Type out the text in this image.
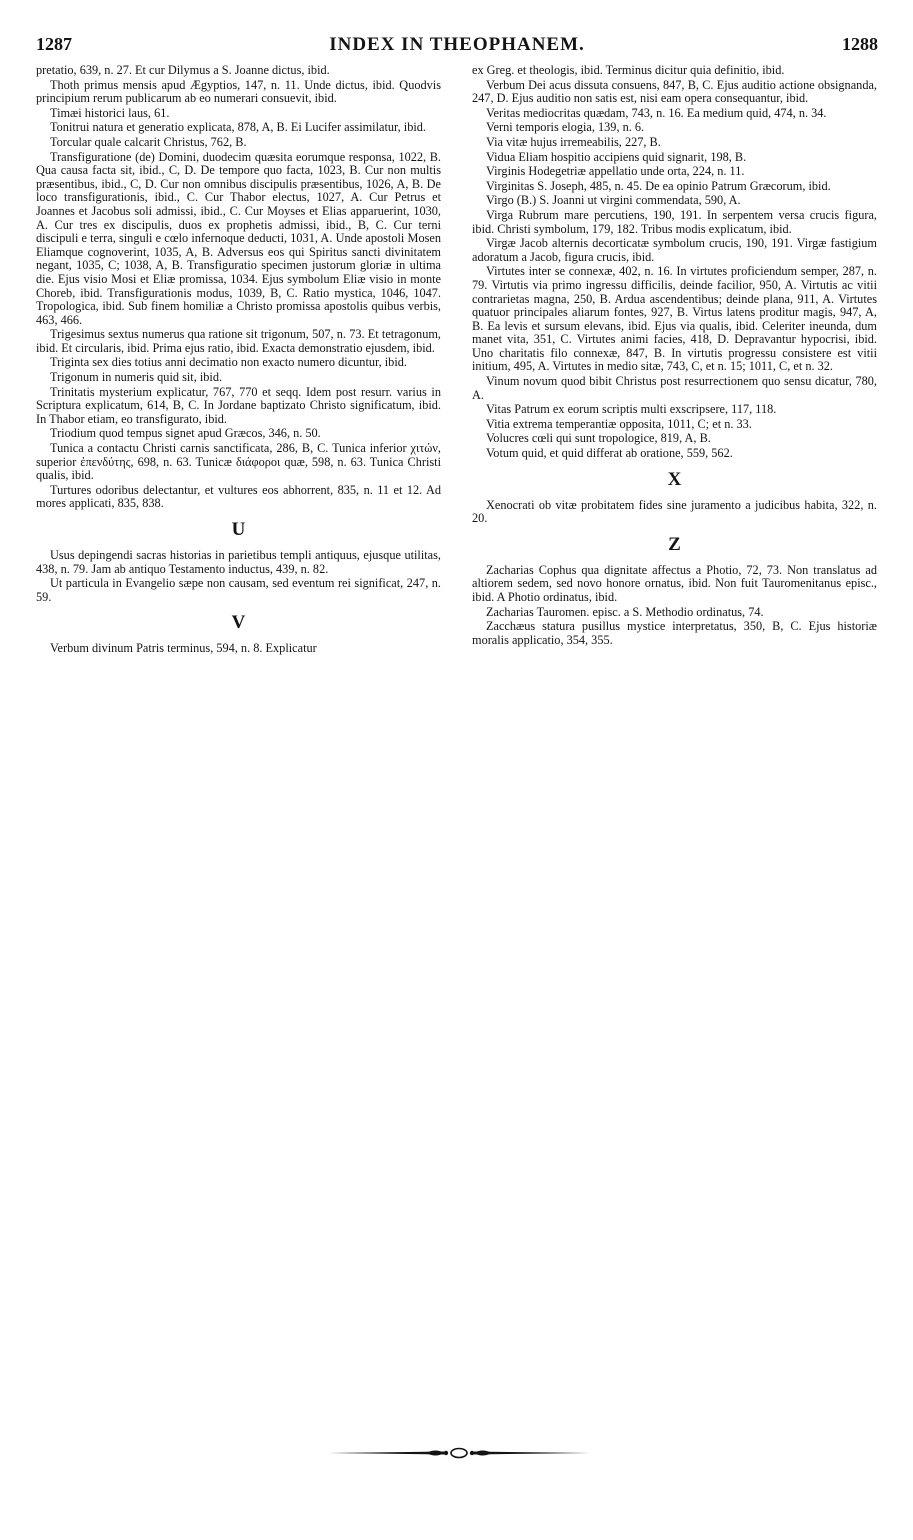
1287	INDEX IN THEOPHANEM.	1288

pretatio, 639, n. 27. Et cur Dilymus a S. Joanne dictus, ibid.

Thoth primus mensis apud Ægyptios, 147, n. 11. Unde dictus, ibid. Quodvis principium rerum publicarum ab eo numerari consuevit, ibid.

Timæi historici laus, 61.

Tonitrui natura et generatio explicata, 878, A, B. Ei Lucifer assimilatur, ibid.

Torcular quale calcarit Christus, 762, B.

Transfiguratione (de) Domini, duodecim quæsita eorumque responsa, 1022, B. Qua causa facta sit, ibid., C, D. De tempore quo facta, 1023, B. Cur non multis præsentibus, ibid., C, D. Cur non omnibus discipulis præsentibus, 1026, A, B. De loco transfigurationis, ibid., C. Cur Thabor electus, 1027, A. Cur Petrus et Joannes et Jacobus soli admissi, ibid., C. Cur Moyses et Elias apparuerint, 1030, A. Cur tres ex discipulis, duos ex prophetis admissi, ibid., B, C. Cur terni discipuli e terra, singuli e cœlo infernoque deducti, 1031, A. Unde apostoli Mosen Eliamque cognoverint, 1035, A, B. Adversus eos qui Spiritus sancti divinitatem negant, 1035, C; 1038, A, B. Transfiguratio specimen justorum gloriæ in ultima die. Ejus visio Mosi et Eliæ promissa, 1034. Ejus symbolum Eliæ visio in monte Choreb, ibid. Transfigurationis modus, 1039, B, C. Ratio mystica, 1046, 1047. Tropologica, ibid. Sub finem homiliæ a Christo promissa apostolis quibus verbis, 463, 466.

Trigesimus sextus numerus qua ratione sit trigonum, 507, n. 73. Et tetragonum, ibid. Et circularis, ibid. Prima ejus ratio, ibid. Exacta demonstratio ejusdem, ibid.

Triginta sex dies totius anni decimatio non exacto numero dicuntur, ibid.

Trigonum in numeris quid sit, ibid.

Trinitatis mysterium explicatur, 767, 770 et seqq. Idem post resurr. varius in Scriptura explicatum, 614, B, C. In Jordane baptizato Christo significatum, ibid. In Thabor etiam, eo transfigurato, ibid.

Triodium quod tempus signet apud Græcos, 346, n. 50.

Tunica a contactu Christi carnis sanctificata, 286, B, C. Tunica inferior χιτών, superior ἐπενδύτης, 698, n. 63. Tunicæ διάφοροι quæ, 598, n. 63. Tunica Christi qualis, ibid.

Turtures odoribus delectantur, et vultures eos abhorrent, 835, n. 11 et 12. Ad mores applicati, 835, 838.

U

Usus depingendi sacras historias in parietibus templi antiquus, ejusque utilitas, 438, n. 79. Jam ab antiquo Testamento inductus, 439, n. 82.

Ut particula in Evangelio sæpe non causam, sed eventum rei significat, 247, n. 59.

V

Verbum divinum Patris terminus, 594, n. 8. Explicatur

ex Greg. et theologis, ibid. Terminus dicitur quia definitio, ibid.

Verbum Dei acus dissuta consuens, 847, B, C. Ejus auditio actione obsignanda, 247, D. Ejus auditio non satis est, nisi eam opera consequantur, ibid.

Veritas mediocritas quædam, 743, n. 16. Ea medium quid, 474, n. 34.

Verni temporis elogia, 139, n. 6.

Via vitæ hujus irremeabilis, 227, B.

Vidua Eliam hospitio accipiens quid signarit, 198, B.

Virginis Hodegetriæ appellatio unde orta, 224, n. 11.

Virginitas S. Joseph, 485, n. 45. De ea opinio Patrum Græcorum, ibid.

Virgo (B.) S. Joanni ut virgini commendata, 590, A.

Virga Rubrum mare percutiens, 190, 191. In serpentem versa crucis figura, ibid. Christi symbolum, 179, 182. Tribus modis explicatum, ibid.

Virgæ Jacob alternis decorticatæ symbolum crucis, 190, 191. Virgæ fastigium adoratum a Jacob, figura crucis, ibid.

Virtutes inter se connexæ, 402, n. 16. In virtutes proficiendum semper, 287, n. 79. Virtutis via primo ingressu difficilis, deinde facilior, 950, A. Virtutis ac vitii contrarietas magna, 250, B. Ardua ascendentibus; deinde plana, 911, A. Virtutes quatuor principales aliarum fontes, 927, B. Virtus latens proditur magis, 947, A, B. Ea levis et sursum elevans, ibid. Ejus via qualis, ibid. Celeriter ineunda, dum manet vita, 351, C. Virtutes animi facies, 418, D. Depravantur hypocrisi, ibid. Uno charitatis filo connexæ, 847, B. In virtutis progressu consistere est vitii initium, 495, A. Virtutes in medio sitæ, 743, C, et n. 15; 1011, C, et n. 32.

Vinum novum quod bibit Christus post resurrectionem quo sensu dicatur, 780, A.

Vitas Patrum ex eorum scriptis multi exscripsere, 117, 118.

Vitia extrema temperantiæ opposita, 1011, C; et n. 33.

Volucres cœli qui sunt tropologice, 819, A, B.

Votum quid, et quid differat ab oratione, 559, 562.

X

Xenocrati ob vitæ probitatem fides sine juramento a judicibus habita, 322, n. 20.

Z

Zacharias Cophus qua dignitate affectus a Photio, 72, 73. Non translatus ad altiorem sedem, sed novo honore ornatus, ibid. Non fuit Tauromenitanus episc., ibid. A Photio ordinatus, ibid.

Zacharias Tauromen. episc. a S. Methodio ordinatus, 74.

Zacchæus statura pusillus mystice interpretatus, 350, B, C. Ejus historiæ moralis applicatio, 354, 355.
